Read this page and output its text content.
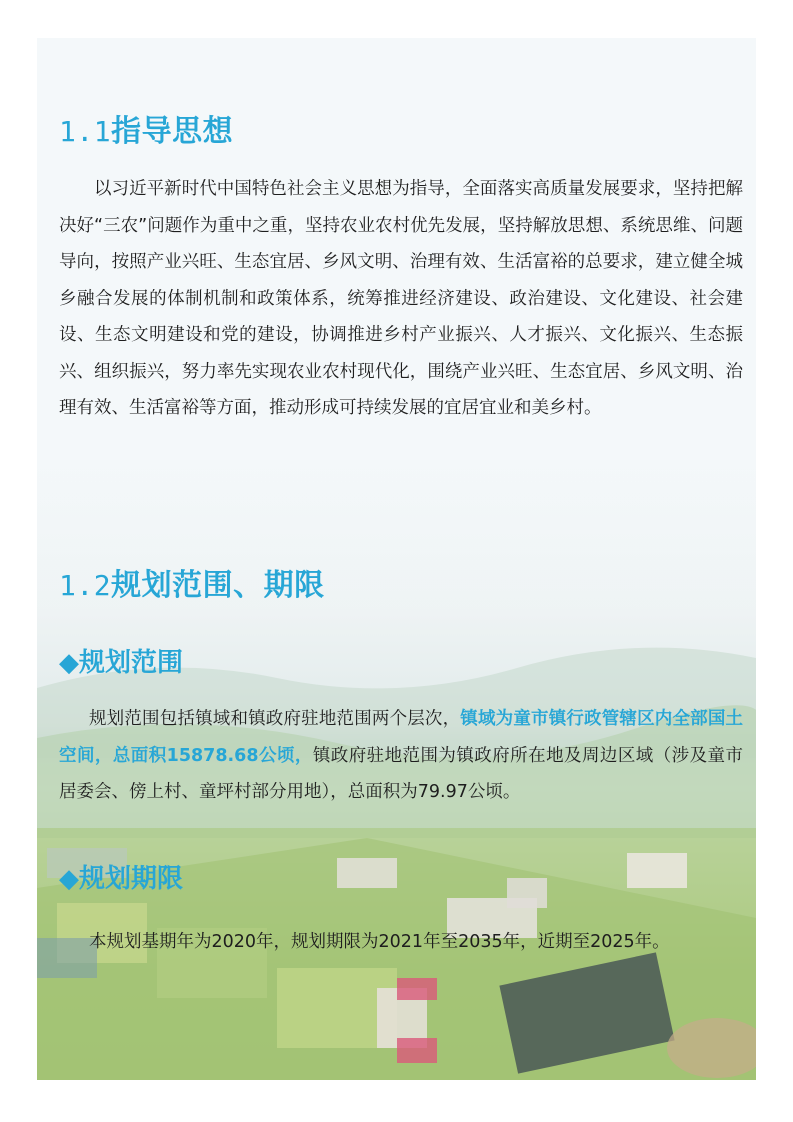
1.1指导思想

以习近平新时代中国特色社会主义思想为指导，全面落实高质量发展要求，坚持把解决好“三农”问题作为重中之重，坚持农业农村优先发展，坚持解放思想、系统思维、问题导向，按照产业兴旺、生态宜居、乡风文明、治理有效、生活富裕的总要求，建立健全城乡融合发展的体制机制和政策体系，统筹推进经济建设、政治建设、文化建设、社会建设、生态文明建设和党的建设，协调推进乡村产业振兴、人才振兴、文化振兴、生态振兴、组织振兴，努力率先实现农业农村现代化，围绕产业兴旺、生态宜居、乡风文明、治理有效、生活富裕等方面，推动形成可持续发展的宜居宜业和美乡村。

1.2规划范围、期限
◆规划范围

规划范围包括镇域和镇政府驻地范围两个层次，镇域为童市镇行政管辖区内全部国土空间，总面积15878.68公顷，镇政府驻地范围为镇政府所在地及周边区域（涉及童市居委会、傍上村、童坪村部分用地），总面积为79.97公顷。

◆规划期限

本规划基期年为2020年，规划期限为2021年至2035年，近期至2025年。
